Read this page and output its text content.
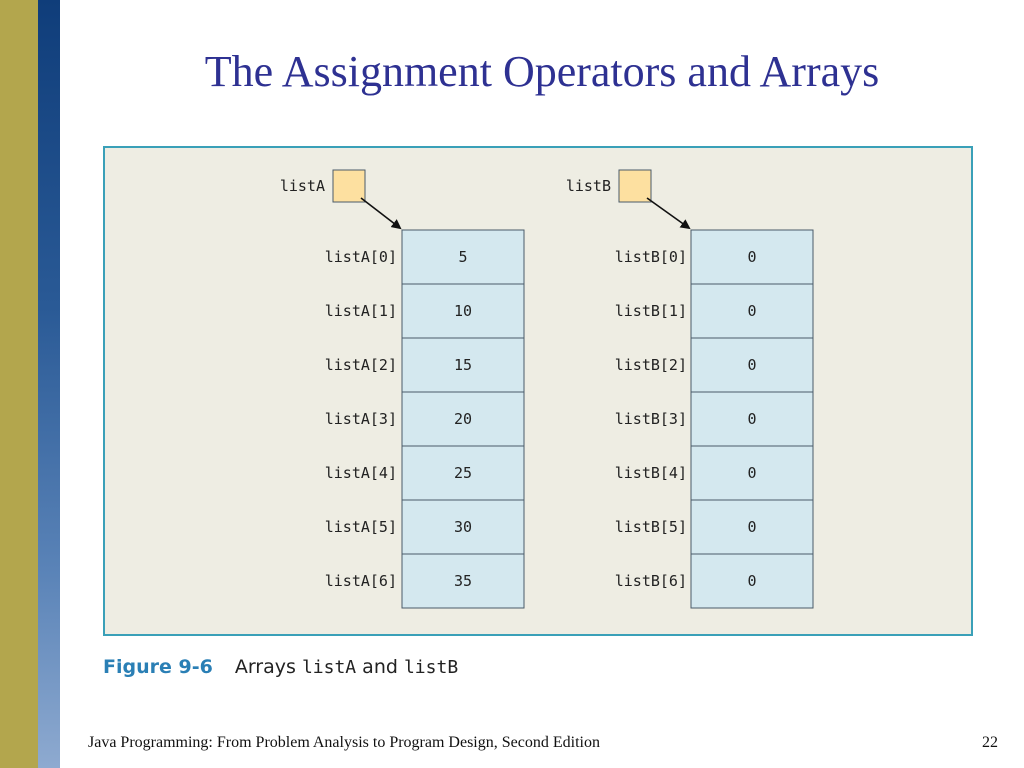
The Assignment Operators and Arrays
listA
5
listA[0]
10
listA[1]
15
listA[2]
20
listA[3]
25
listA[4]
30
listA[5]
35
listA[6]
listB
0
listB[0]
0
listB[1]
0
listB[2]
0
listB[3]
0
listB[4]
0
listB[5]
0
listB[6]
Figure 9-6 Arrays listA and listB
Java Programming: From Problem Analysis to Program Design, Second Edition	22
